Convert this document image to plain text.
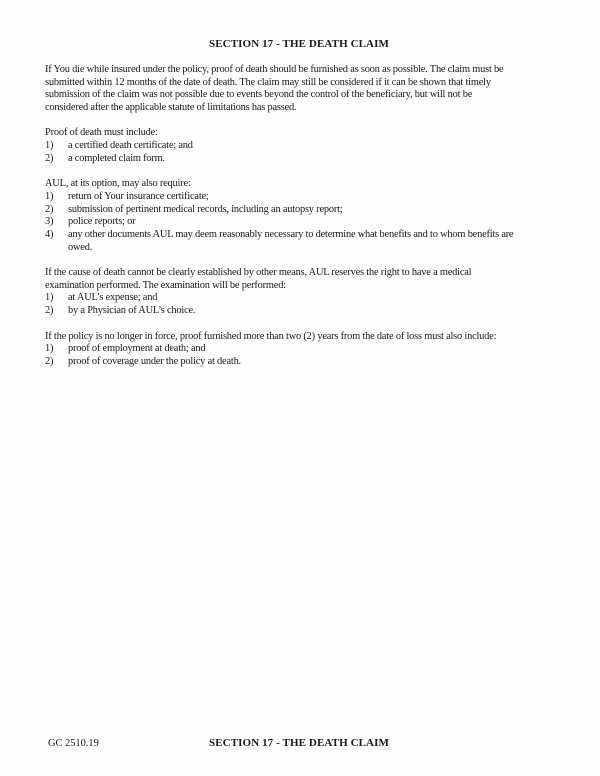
SECTION 17 - THE DEATH CLAIM
If You die while insured under the policy, proof of death should be furnished as soon as possible. The claim must be
submitted within 12 months of the date of death. The claim may still be considered if it can be shown that timely
submission of the claim was not possible due to events beyond the control of the beneficiary, but will not be
considered after the applicable statute of limitations has passed.
Proof of death must include:
1)	a certified death certificate; and
2)	a completed claim form.
AUL, at its option, may also require:
1)	return of Your insurance certificate;
2)	submission of pertinent medical records, including an autopsy report;
3)	police reports; or
4)	any other documents AUL may deem reasonably necessary to determine what benefits and to whom benefits are
owed.
If the cause of death cannot be clearly established by other means, AUL reserves the right to have a medical
examination performed. The examination will be performed:
1)	at AUL’s expense; and
2)	by a Physician of AUL’s choice.
If the policy is no longer in force, proof furnished more than two (2) years from the date of loss must also include:
1)	proof of employment at death; and
2)	proof of coverage under the policy at death.
GC 2510.19	SECTION 17 - THE DEATH CLAIM
